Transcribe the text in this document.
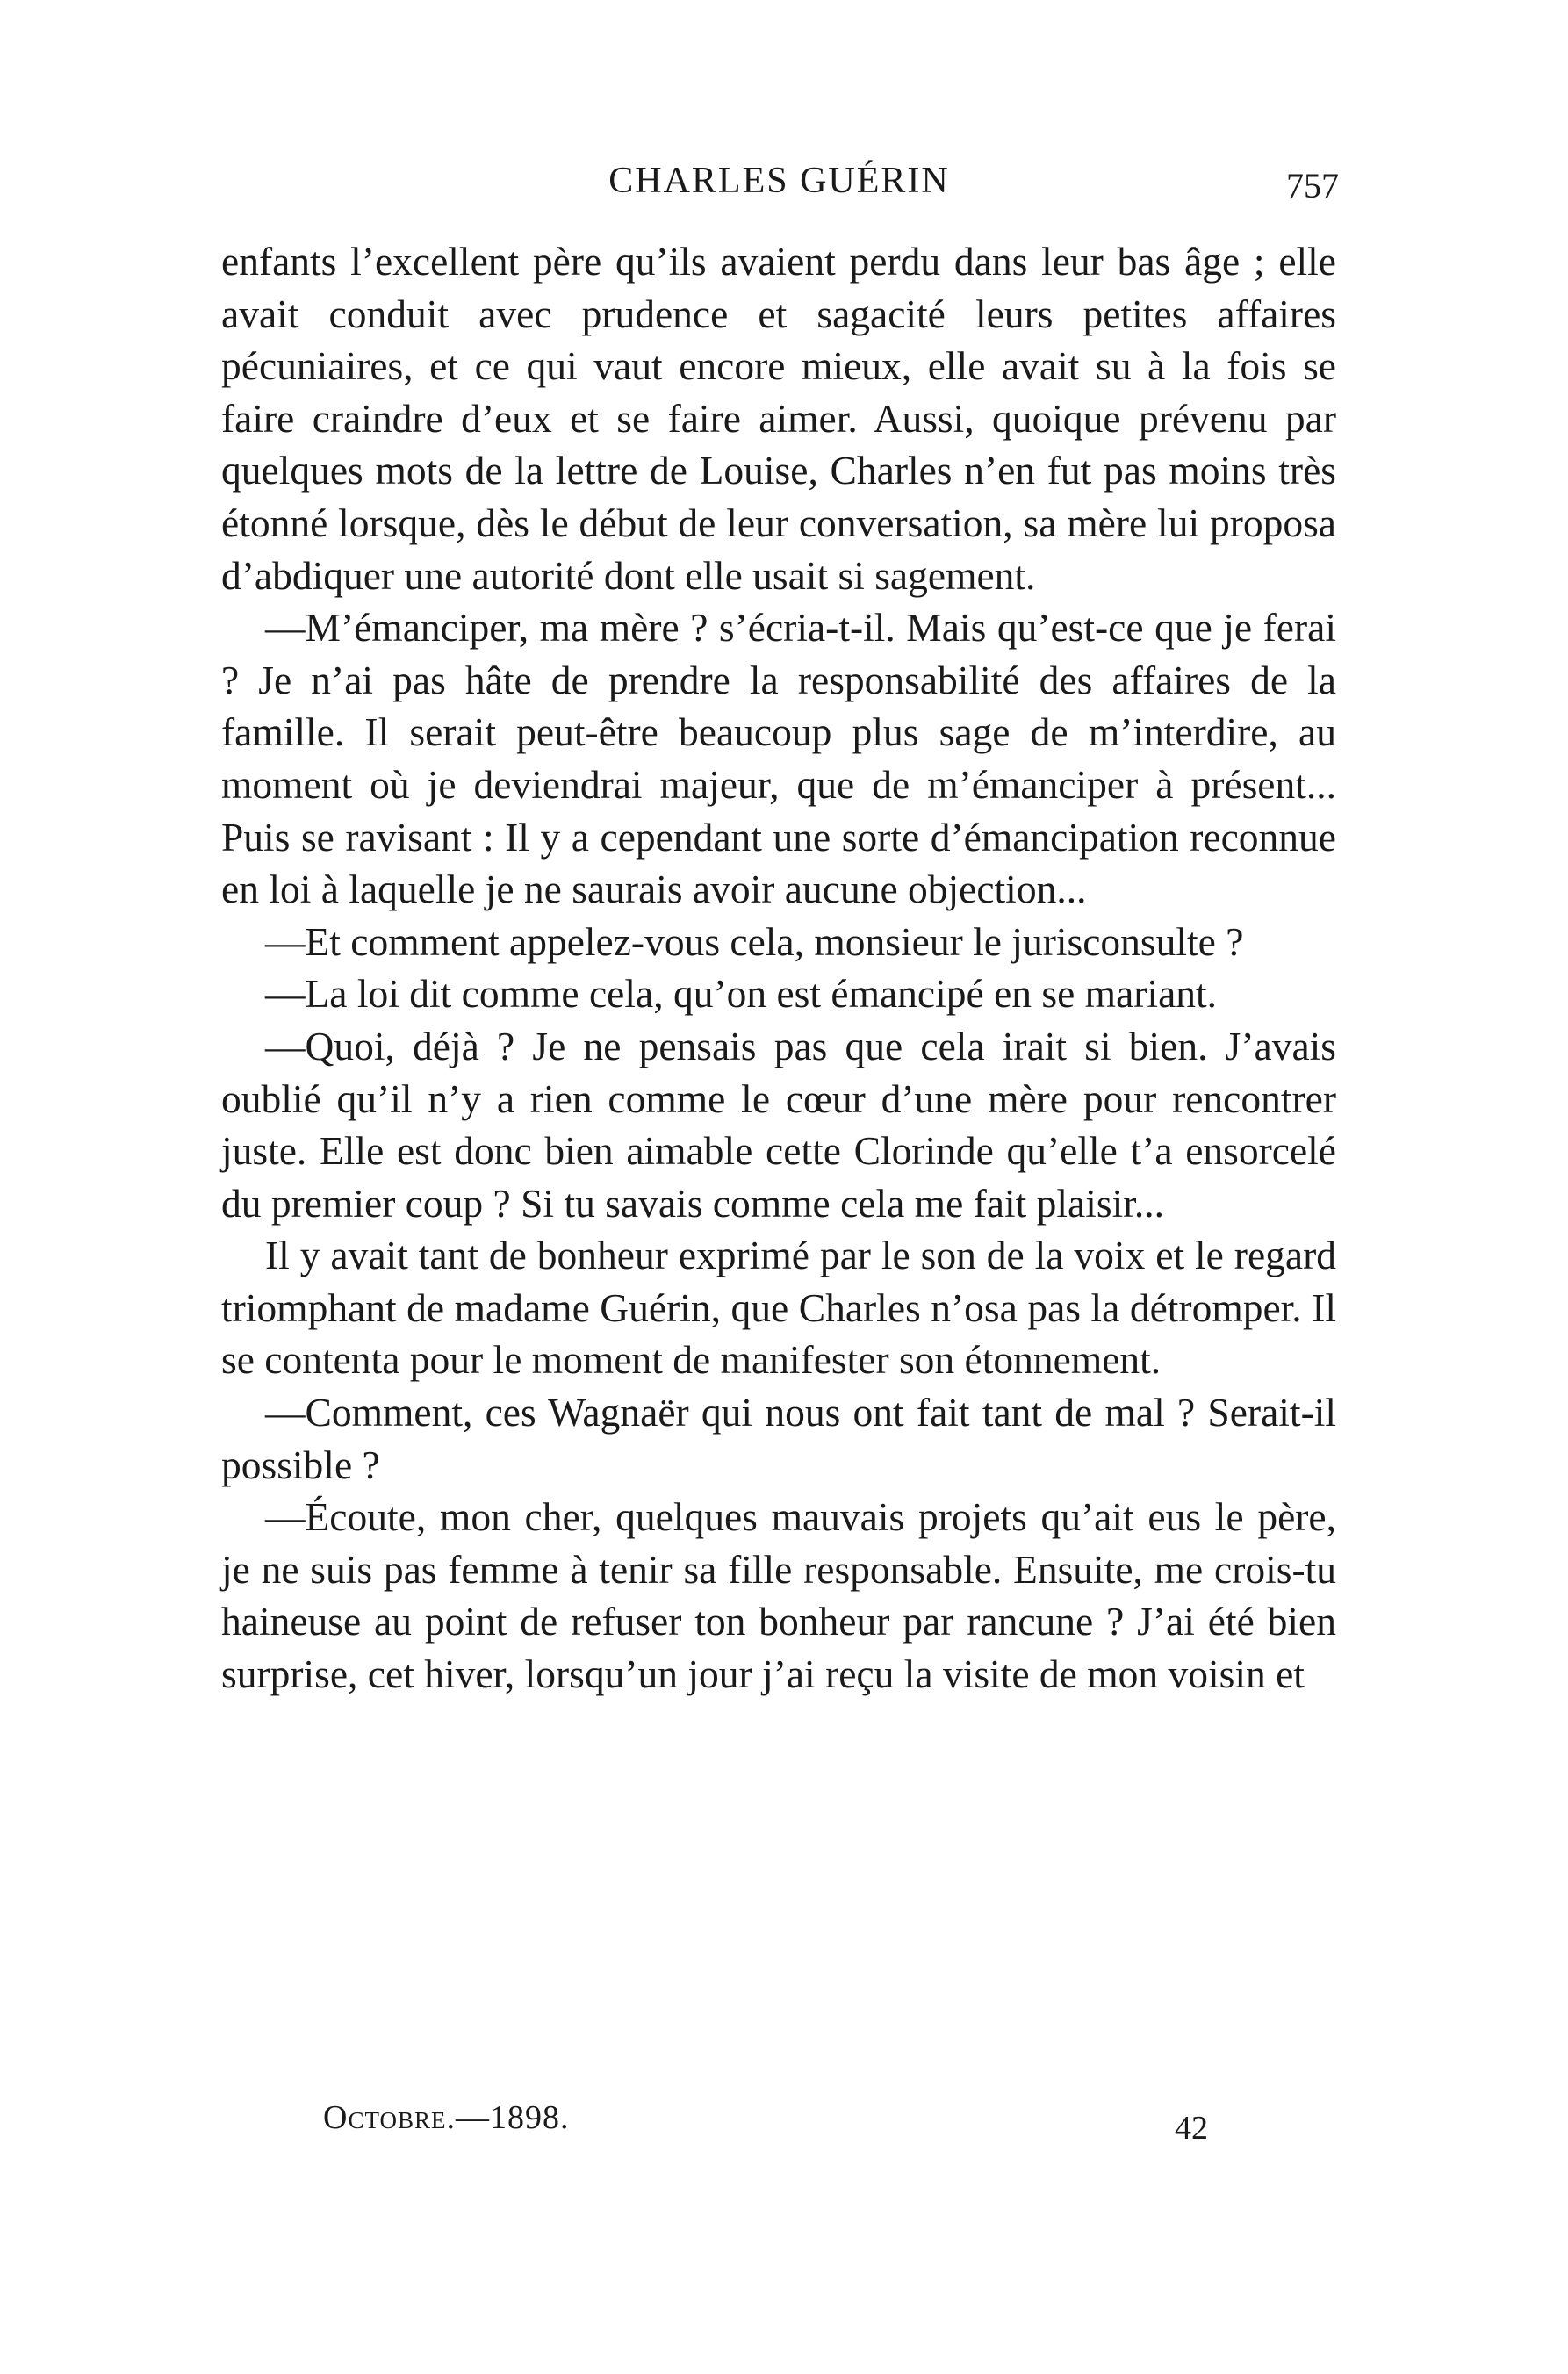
CHARLES GUÉRIN	757

enfants l’excellent père qu’ils avaient perdu dans leur bas âge ; elle avait conduit avec prudence et sagacité leurs petites affaires pécuniaires, et ce qui vaut encore mieux, elle avait su à la fois se faire craindre d’eux et se faire aimer. Aussi, quoique prévenu par quelques mots de la lettre de Louise, Charles n’en fut pas moins très étonné lorsque, dès le début de leur conversation, sa mère lui proposa d’abdiquer une autorité dont elle usait si sagement.

—M’émanciper, ma mère ? s’écria-t-il. Mais qu’est-ce que je ferai ? Je n’ai pas hâte de prendre la responsabilité des affaires de la famille. Il serait peut-être beaucoup plus sage de m’interdire, au moment où je deviendrai majeur, que de m’émanciper à présent... Puis se ravisant : Il y a cependant une sorte d’émancipation reconnue en loi à laquelle je ne saurais avoir aucune objection...

—Et comment appelez-vous cela, monsieur le jurisconsulte ?

—La loi dit comme cela, qu’on est émancipé en se mariant.

—Quoi, déjà ? Je ne pensais pas que cela irait si bien. J’avais oublié qu’il n’y a rien comme le cœur d’une mère pour rencontrer juste. Elle est donc bien aimable cette Clorinde qu’elle t’a ensorcelé du premier coup ? Si tu savais comme cela me fait plaisir...

Il y avait tant de bonheur exprimé par le son de la voix et le regard triomphant de madame Guérin, que Charles n’osa pas la détromper. Il se contenta pour le moment de manifester son étonnement.

—Comment, ces Wagnaër qui nous ont fait tant de mal ? Serait-il possible ?

—Écoute, mon cher, quelques mauvais projets qu’ait eus le père, je ne suis pas femme à tenir sa fille responsable. Ensuite, me crois-tu haineuse au point de refuser ton bonheur par rancune ? J’ai été bien surprise, cet hiver, lorsqu’un jour j’ai reçu la visite de mon voisin et

Octobre.—1898.	42
